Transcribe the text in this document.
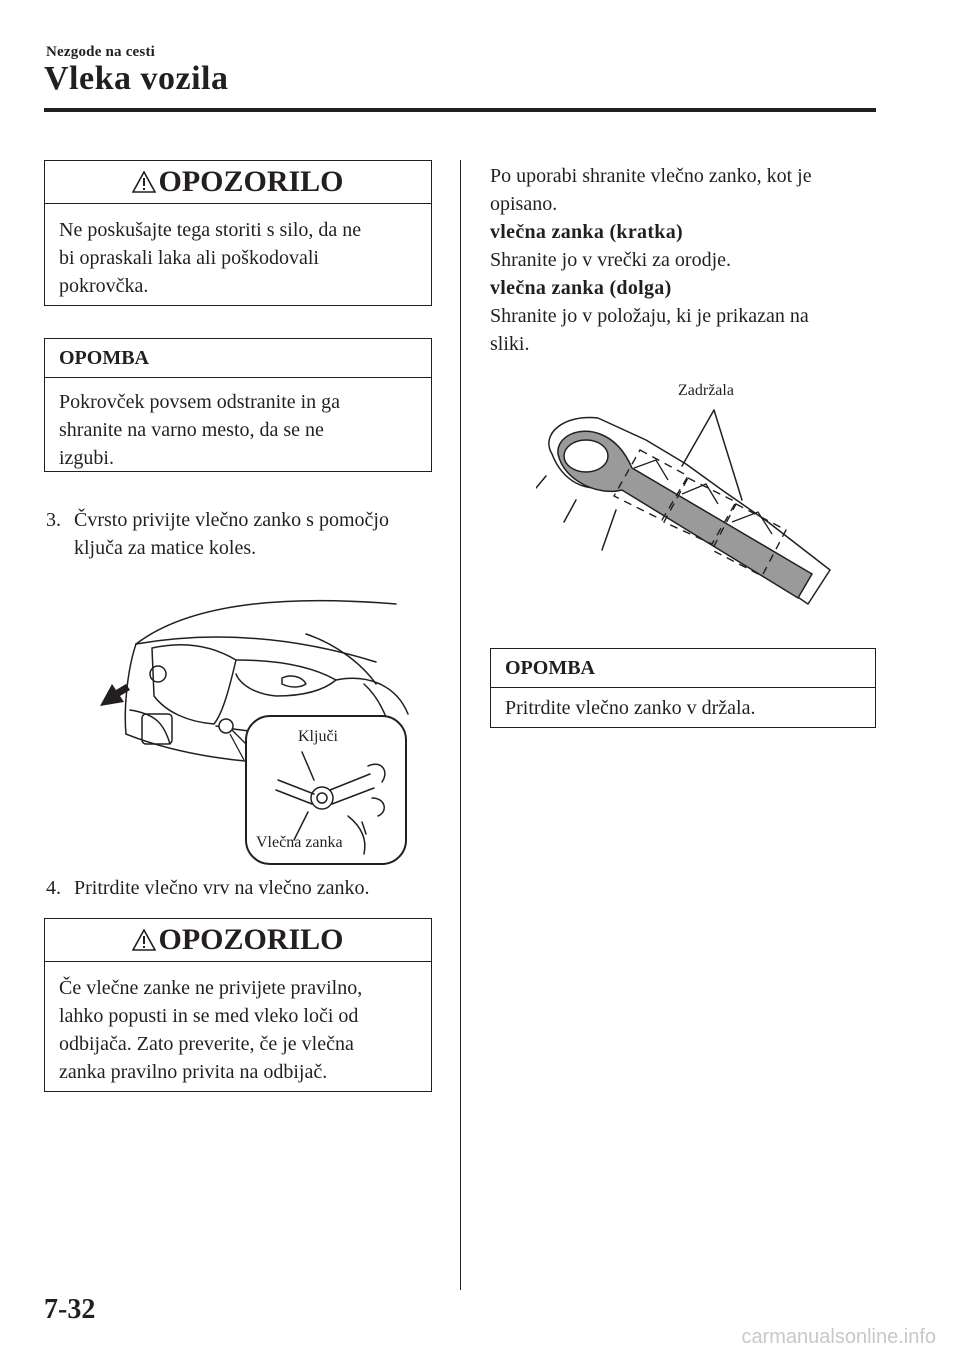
Nezgode na cesti
Vleka vozila
OPOZORILO
Ne poskušajte tega storiti s silo, da ne
bi opraskali laka ali poškodovali
pokrovčka.
OPOMBA
Pokrovček povsem odstranite in ga
shranite na varno mesto, da se ne
izgubi.
3. Čvrsto privijte vlečno zanko s pomočjo
ključa za matice koles.
Ključi
Vlečna zanka
4. Pritrdite vlečno vrv na vlečno zanko.
OPOZORILO
Če vlečne zanke ne privijete pravilno,
lahko popusti in se med vleko loči od
odbijača. Zato preverite, če je vlečna
zanka pravilno privita na odbijač.
Po uporabi shranite vlečno zanko, kot je
opisano.
vlečna zanka (kratka)
Shranite jo v vrečki za orodje.
vlečna zanka (dolga)
Shranite jo v položaju, ki je prikazan na
sliki.
Zadržala
OPOMBA
Pritrdite vlečno zanko v držala.
7-32
carmanualsonline.info
